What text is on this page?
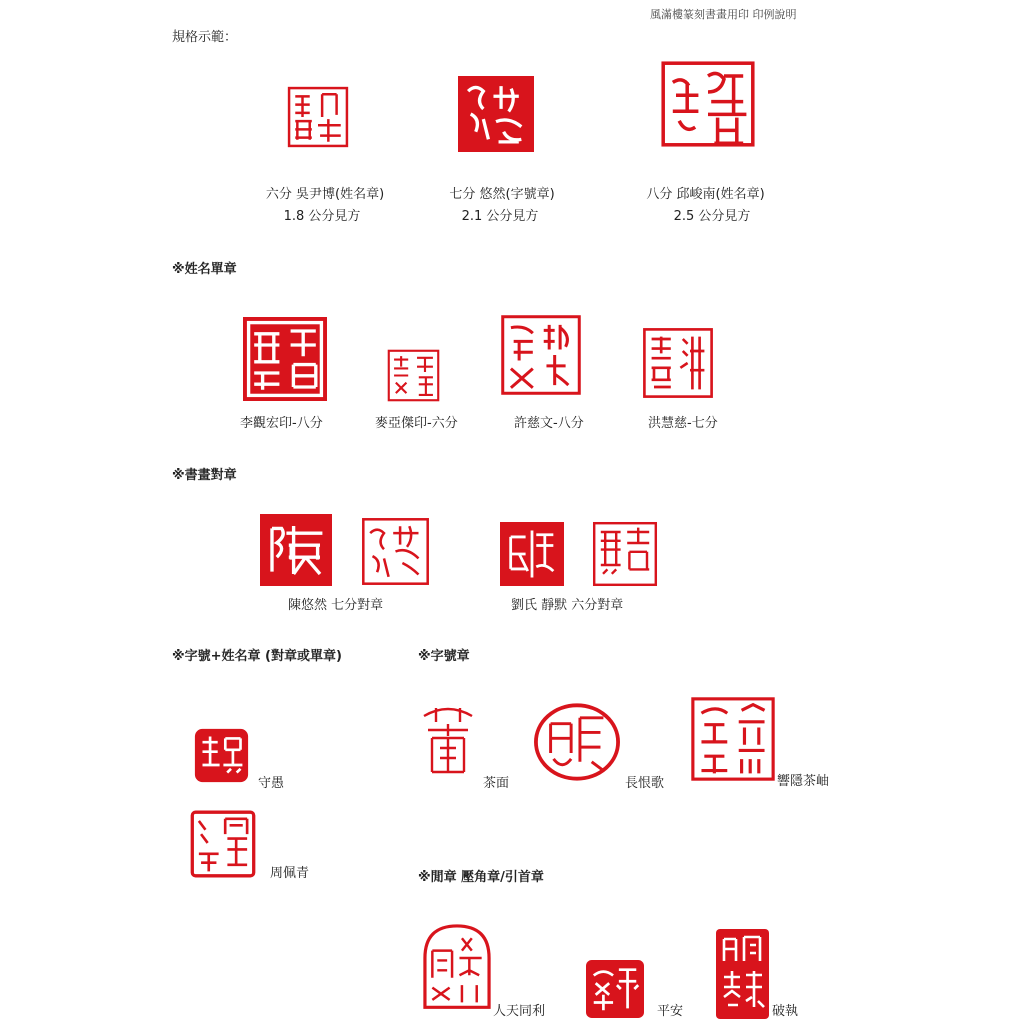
風滿樓篆刻書畫用印 印例說明
規格示範：
六分 吳尹博(姓名章)
1.8 公分見方
七分 悠然(字號章)
2.1 公分見方
八分 邱峻南(姓名章)
2.5 公分見方
※姓名單章
李觀宏印-八分	麥亞傑印-六分	許慈文-八分	洪慧慈-七分
※書畫對章
陳悠然 七分對章	劉氏 靜默 六分對章
※字號+姓名章 (對章或單章)	※字號章
守愚	茶面	長恨歌	響隱茶岫
周佩青	※閒章 壓角章/引首章
人天同利	平安	破執
